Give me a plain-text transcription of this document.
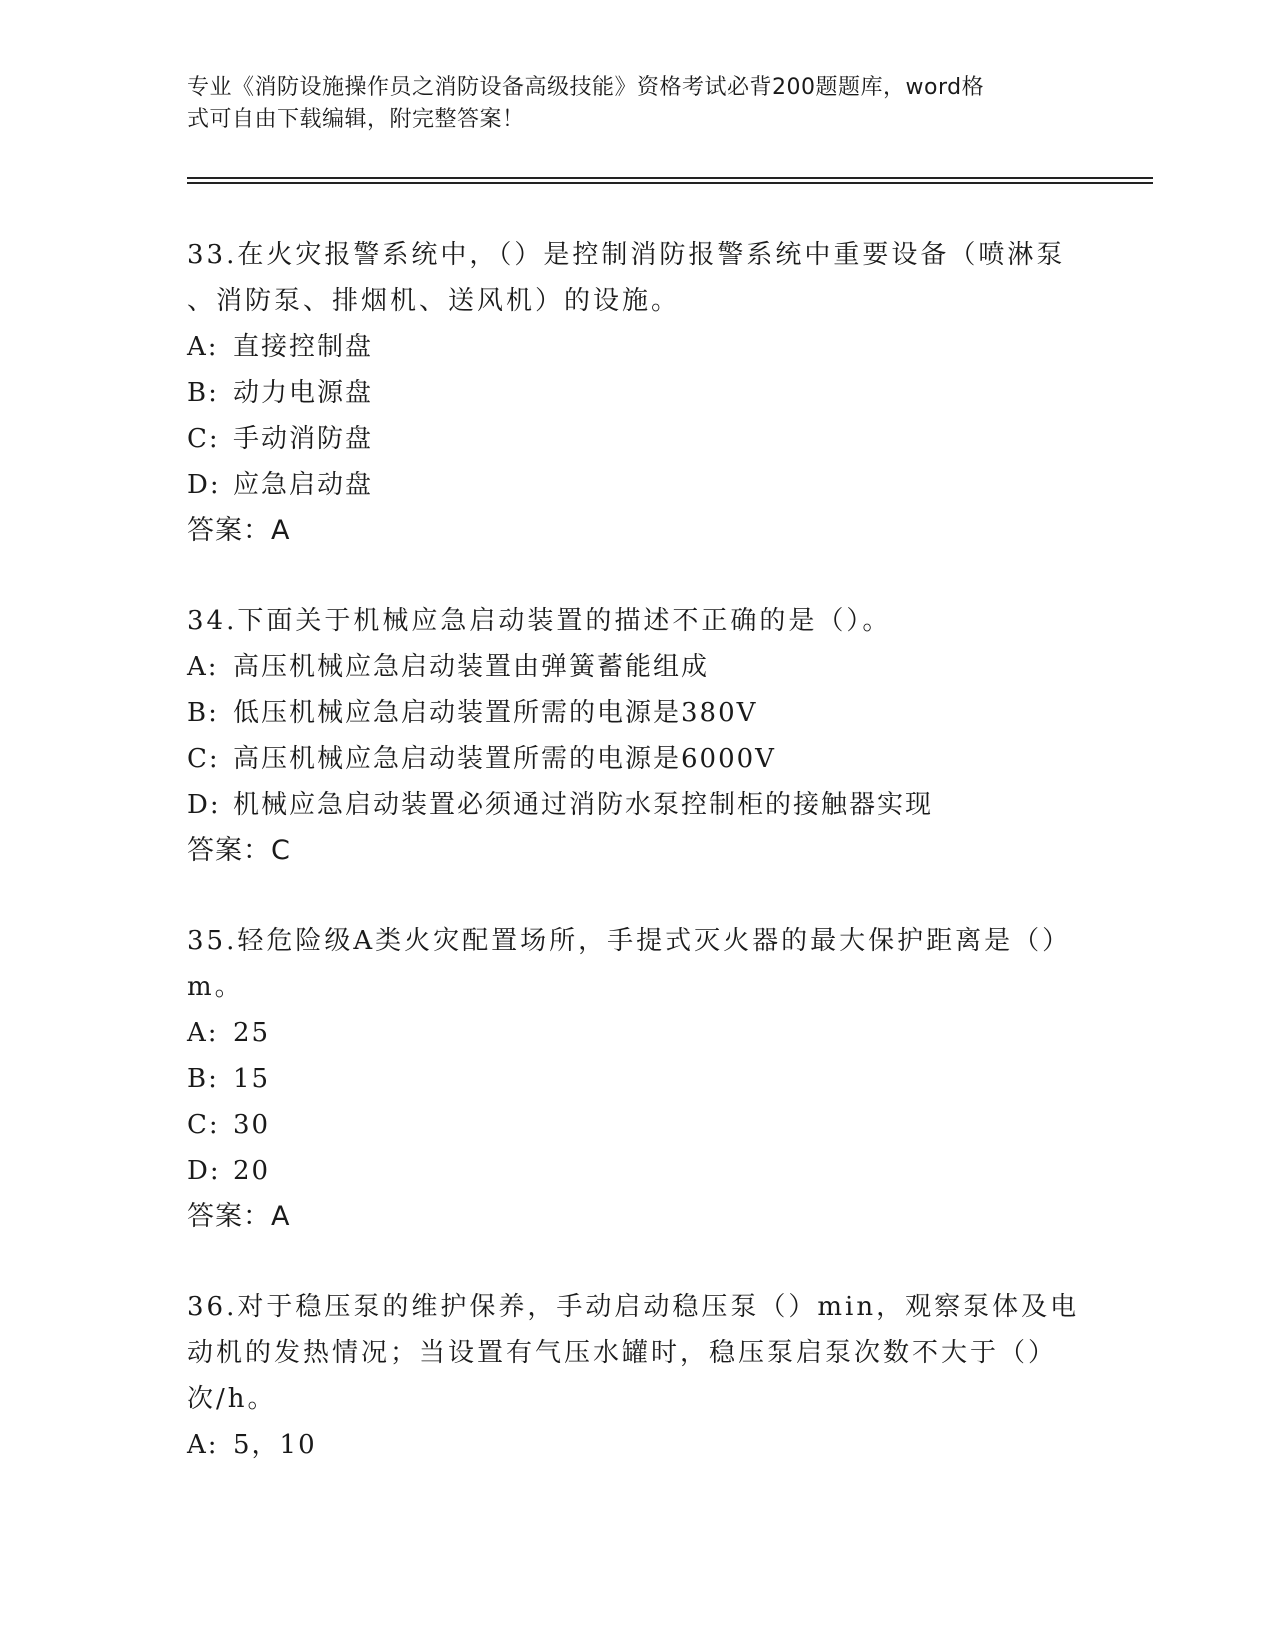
专业《消防设施操作员之消防设备高级技能》资格考试必背200题题库，word格
式可自由下载编辑，附完整答案！
33.在火灾报警系统中，（）是控制消防报警系统中重要设备（喷淋泵
、消防泵、排烟机、送风机）的设施。
A: 直接控制盘
B: 动力电源盘
C: 手动消防盘
D: 应急启动盘
答案：A
34.下面关于机械应急启动装置的描述不正确的是（）。
A: 高压机械应急启动装置由弹簧蓄能组成
B: 低压机械应急启动装置所需的电源是380V
C: 高压机械应急启动装置所需的电源是6000V
D: 机械应急启动装置必须通过消防水泵控制柜的接触器实现
答案：C
35.轻危险级A类火灾配置场所，手提式灭火器的最大保护距离是（）
m。
A: 25
B: 15
C: 30
D: 20
答案：A
36.对于稳压泵的维护保养，手动启动稳压泵（）min，观察泵体及电
动机的发热情况；当设置有气压水罐时，稳压泵启泵次数不大于（）
次/h。
A: 5，10
